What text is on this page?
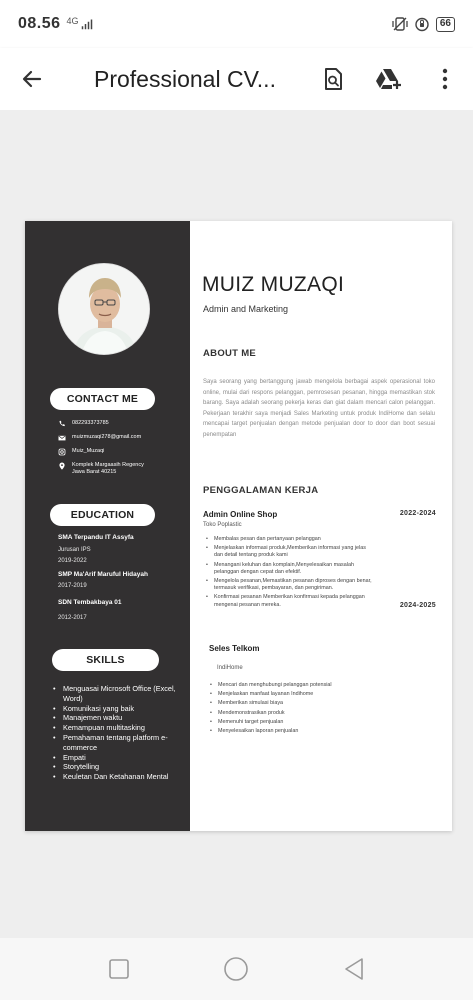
08.56 4G	66
Professional CV...
CONTACT ME
082293373785
muizmuzaqi278@gmail.com
Muiz_Muzaqi
Komplek Margaasih Regency Jawa Barat 40215
EDUCATION
SMA Terpandu IT Assyfa
Jurusan IPS
2019-2022
SMP Ma'Arif Maruful Hidayah
2017-2019
SDN Tembakbaya 01
2012-2017
SKILLS
• Menguasai Microsoft Office (Excel, Word)
• Komunikasi yang baik
• Manajemen waktu
• Kemampuan multitasking
• Pemahaman tentang platform e-commerce
• Empati
• Storytelling
• Keuletan Dan Ketahanan Mental
MUIZ MUZAQI
Admin and Marketing
ABOUT ME
Saya seorang yang bertanggung jawab mengelola berbagai aspek operasional toko online, mulai dari respons pelanggan, pemrosesan pesanan, hingga memastikan stok barang. Saya adalah seorang pekerja keras dan giat dalam mencari calon pelanggan. Pekerjaan terakhir saya menjadi Sales Marketing untuk produk IndiHome dan selalu mencapai target penjualan dengan metode penjualan door to door dan boot sesuai penempatan
PENGGALAMAN KERJA
Admin Online Shop
Toko Poplastic
2022-2024
• Membalas pesan dan pertanyaan pelanggan
• Menjelaskan informasi produk,Memberikan informasi yang jelas dan detail tentang produk kami
• Menangani keluhan dan komplain,Menyelesaikan masalah pelanggan dengan cepat dan efektif.
• Mengelola pesanan,Memastikan pesanan diproses dengan benar, termasuk verifikasi, pembayaran, dan pengiriman.
• Konfirmasi pesanan Memberikan konfirmasi kepada pelanggan mengenai pesanan mereka.	2024-2025
Seles Telkom
IndiHome
• Mencari dan menghubungi pelanggan potensial
• Menjelaskan manfaat layanan Indihome
• Memberikan simulasi biaya
• Mendemonstrasikan produk
• Memenuhi target penjualan
• Menyelesaikan laporan penjualan
